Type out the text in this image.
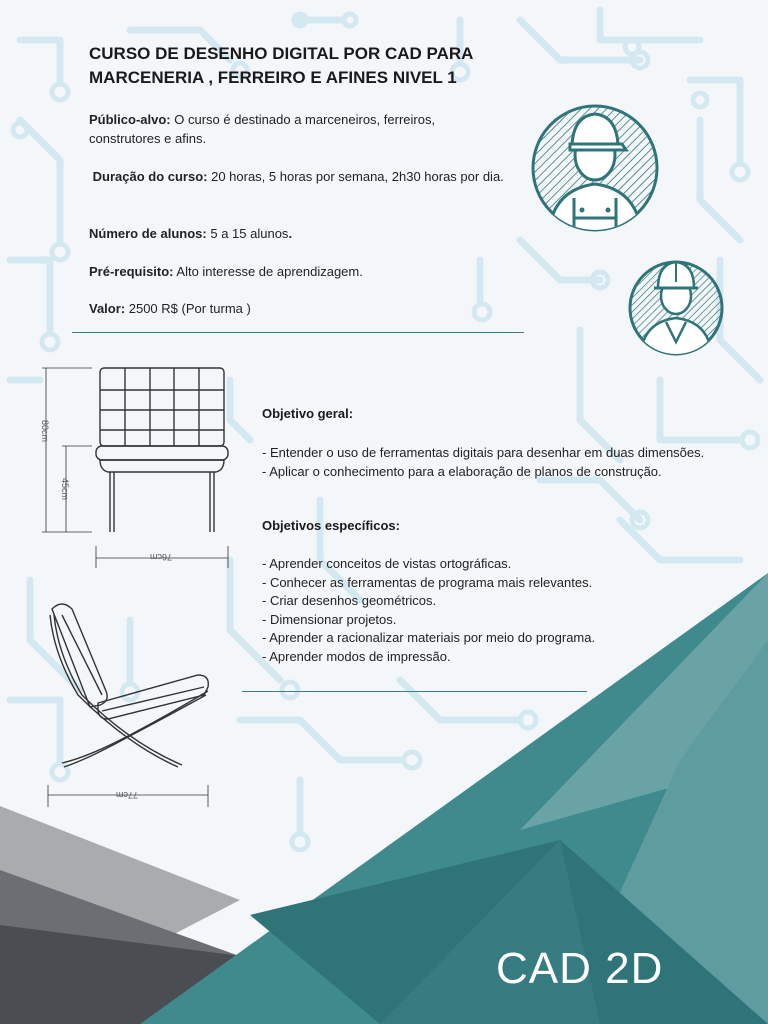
CURSO DE DESENHO DIGITAL POR CAD PARA MARCENERIA , FERREIRO E AFINES NIVEL 1
Público-alvo: O curso é destinado a marceneiros, ferreiros, construtores e afins.
Duração do curso: 20 horas, 5 horas por semana, 2h30 horas por dia.
Número de alunos: 5 a 15 alunos.
Pré-requisito: Alto interesse de aprendizagem.
Valor: 2500 R$ (Por turma )
80cm
45cm
76cm
77cm
Objetivo geral:
- Entender o uso de ferramentas digitais para desenhar em duas dimensões.
- Aplicar o conhecimento para a elaboração de planos de construção.
Objetivos específicos:
- Aprender conceitos de vistas ortográficas.
- Conhecer as ferramentas de programa mais relevantes.
- Criar desenhos geométricos.
- Dimensionar projetos.
- Aprender a racionalizar materiais por meio do programa.
- Aprender modos de impressão.
CAD 2D
